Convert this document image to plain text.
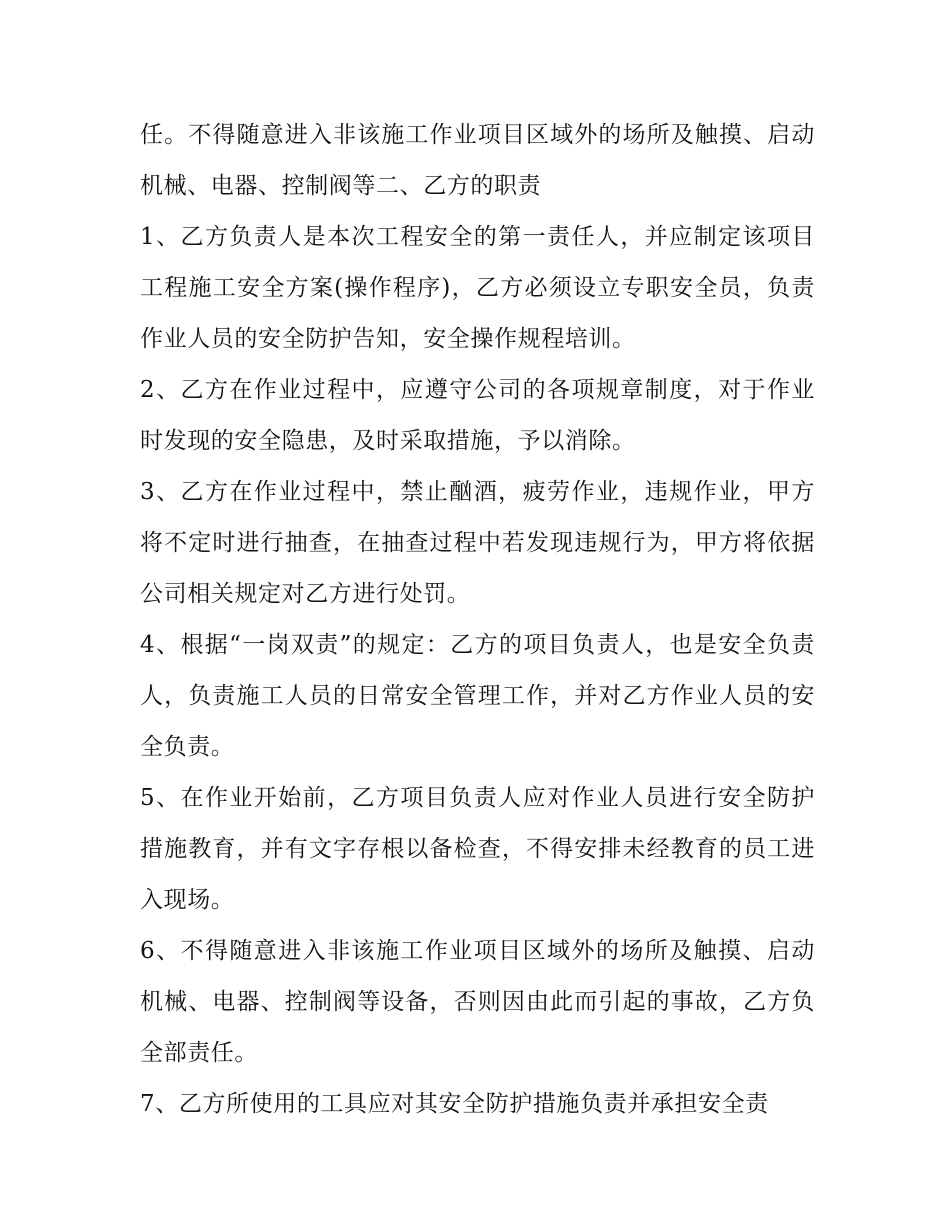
任。不得随意进入非该施工作业项目区域外的场所及触摸、启动机械、电器、控制阀等二、乙方的职责

1、乙方负责人是本次工程安全的第一责任人，并应制定该项目工程施工安全方案(操作程序)，乙方必须设立专职安全员，负责作业人员的安全防护告知，安全操作规程培训。

2、乙方在作业过程中，应遵守公司的各项规章制度，对于作业时发现的安全隐患，及时采取措施，予以消除。

3、乙方在作业过程中，禁止酗酒，疲劳作业，违规作业，甲方将不定时进行抽查，在抽查过程中若发现违规行为，甲方将依据公司相关规定对乙方进行处罚。

4、根据“一岗双责”的规定：乙方的项目负责人，也是安全负责人，负责施工人员的日常安全管理工作，并对乙方作业人员的安全负责。

5、在作业开始前，乙方项目负责人应对作业人员进行安全防护措施教育，并有文字存根以备检查，不得安排未经教育的员工进入现场。

6、不得随意进入非该施工作业项目区域外的场所及触摸、启动机械、电器、控制阀等设备，否则因由此而引起的事故，乙方负全部责任。

7、乙方所使用的工具应对其安全防护措施负责并承担安全责
